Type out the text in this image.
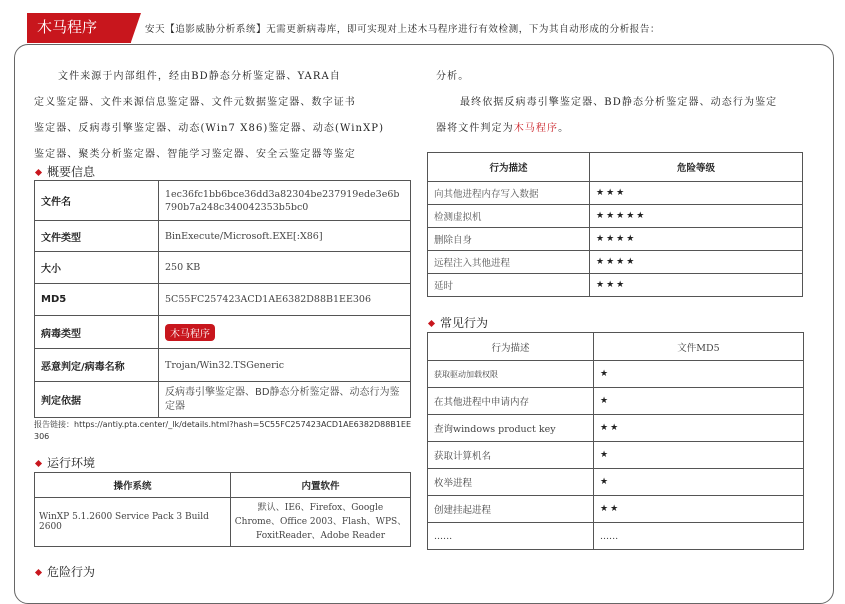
木马程序	安天【追影威胁分析系统】无需更新病毒库，即可实现对上述木马程序进行有效检测，下为其自动形成的分析报告：
文件来源于内部组件，经由BD静态分析鉴定器、YARA自
定义鉴定器、文件来源信息鉴定器、文件元数据鉴定器、数字证书
鉴定器、反病毒引擎鉴定器、动态(Win7 X86)鉴定器、动态(WinXP)
鉴定器、聚类分析鉴定器、智能学习鉴定器、安全云鉴定器等鉴定
分析。
最终依据反病毒引擎鉴定器、BD静态分析鉴定器、动态行为鉴定
器将文件判定为木马程序。
概要信息
文件名	1ec36fc1bb6bce36dd3a82304be237919ede3e6b790b7a248c340042353b5bc0
文件类型	BinExecute/Microsoft.EXE[:X86]
大小	250 KB
MD5	5C55FC257423ACD1AE6382D88B1EE306
病毒类型	木马程序
恶意判定/病毒名称	Trojan/Win32.TSGeneric
判定依据	反病毒引擎鉴定器、BD静态分析鉴定器、动态行为鉴定器
报告链接：https://antiy.pta.center/_lk/details.html?hash=5C55FC257423ACD1AE6382D88B1EE306
运行环境
操作系统	内置软件
WinXP 5.1.2600 Service Pack 3 Build 2600	默认、IE6、Firefox、Google Chrome、Office 2003、Flash、WPS、FoxitReader、Adobe Reader
危险行为
行为描述	危险等级
向其他进程内存写入数据	★★★
检测虚拟机	★★★★★
删除自身	★★★★
远程注入其他进程	★★★★
延时	★★★
常见行为
行为描述	文件MD5
获取驱动加载权限	★
在其他进程中申请内存	★
查询windows product key	★★
获取计算机名	★
枚举进程	★
创建挂起进程	★★
......	......
